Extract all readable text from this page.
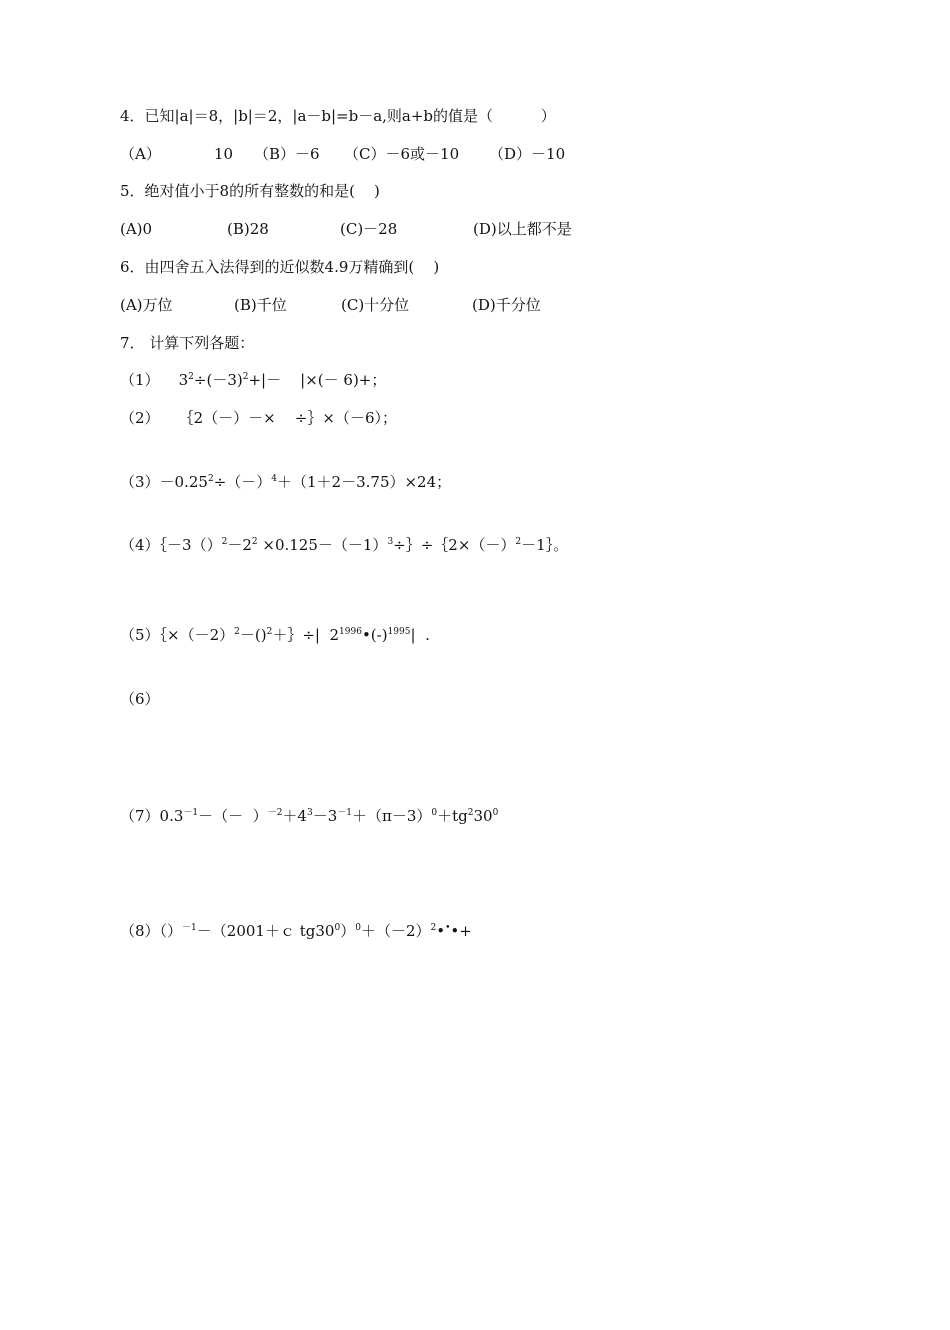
4．已知|a|＝8，|b|＝2，|a－b|=b－a,则a+b的值是（          ）
（A）	10 （B）－6 （C）－6或－10 （D）－10
5．绝对值小于8的所有整数的和是(    )
(A)0	(B)28	(C)－28	(D)以上都不是
6．由四舍五入法得到的近似数4.9万精确到(    )
(A)万位	(B)千位	(C)十分位	(D)千分位
7． 计算下列各题：
（1）    $3^2\div(-3)^2+|-$    |×(－ 6)+；
（2）    ｛2（－）－×    ÷｝×（－6）；
$(3)-0.25^2\div(-)^4+(1+2-3.75)\times 24$；
$(4)\{-3()^2-2^2$ $\times 0.125-(-1)^3\div\}\div\{2\times(-)^2-1\}$。
$(5)\{\times(-2)^2-()^2+\}\div|$  $2^{1996}•(-)^{1995}|$  .
（6）
$(7)0.3^{-1}-(- )^{-2}+4^3-3^{-1}+(\pi-3)^0+tg^230^0$
（8）（）$^{-1}$－（2001＋ｃ $tg30^0)^0+(-2)^2•^••+$
